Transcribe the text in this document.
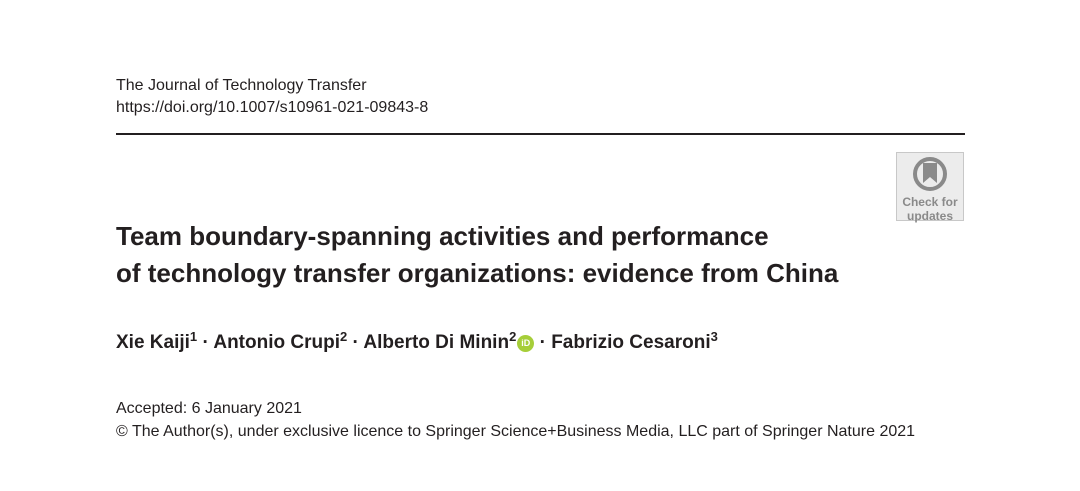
The Journal of Technology Transfer
https://doi.org/10.1007/s10961-021-09843-8
Check for
updates
Team boundary-spanning activities and performance
of technology transfer organizations: evidence from China
Xie Kaiji$^1$ · Antonio Crupi$^2$ · Alberto Di Minin$^2$ iD · Fabrizio Cesaroni$^3$
Accepted: 6 January 2021
© The Author(s), under exclusive licence to Springer Science+Business Media, LLC part of Springer Nature 2021
